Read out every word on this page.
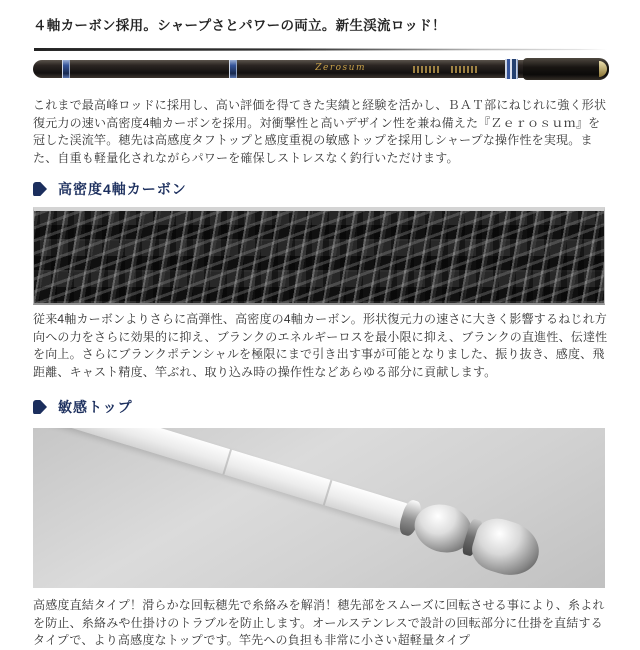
４軸カーボン採用。シャープさとパワーの両立。新生渓流ロッド！
Zerosum

これまで最高峰ロッドに採用し、高い評価を得てきた実績と経験を活かし、ＢＡＴ部にねじれに強く形状復元力の速い高密度4軸カーボンを採用。対衝撃性と高いデザイン性を兼ね備えた『Ｚｅｒｏｓｕｍ』を冠した渓流竿。穂先は高感度タフトップと感度重視の敏感トップを採用しシャープな操作性を実現。また、自重も軽量化されながらパワーを確保しストレスなく釣行いただけます。

高密度4軸カーボン

従来4軸カーボンよりさらに高弾性、高密度の4軸カーボン。形状復元力の速さに大きく影響するねじれ方向への力をさらに効果的に抑え、ブランクのエネルギーロスを最小限に抑え、ブランクの直進性、伝達性を向上。さらにブランクポテンシャルを極限にまで引き出す事が可能となりました、振り抜き、感度、飛距離、キャスト精度、竿ぶれ、取り込み時の操作性などあらゆる部分に貢献します。

敏感トップ

高感度直結タイプ！滑らかな回転穂先で糸絡みを解消！穂先部をスムーズに回転させる事により、糸よれを防止、糸絡みや仕掛けのトラブルを防止します。オールステンレスで設計の回転部分に仕掛を直結するタイプで、より高感度なトップです。竿先への負担も非常に小さい超軽量タイプ
